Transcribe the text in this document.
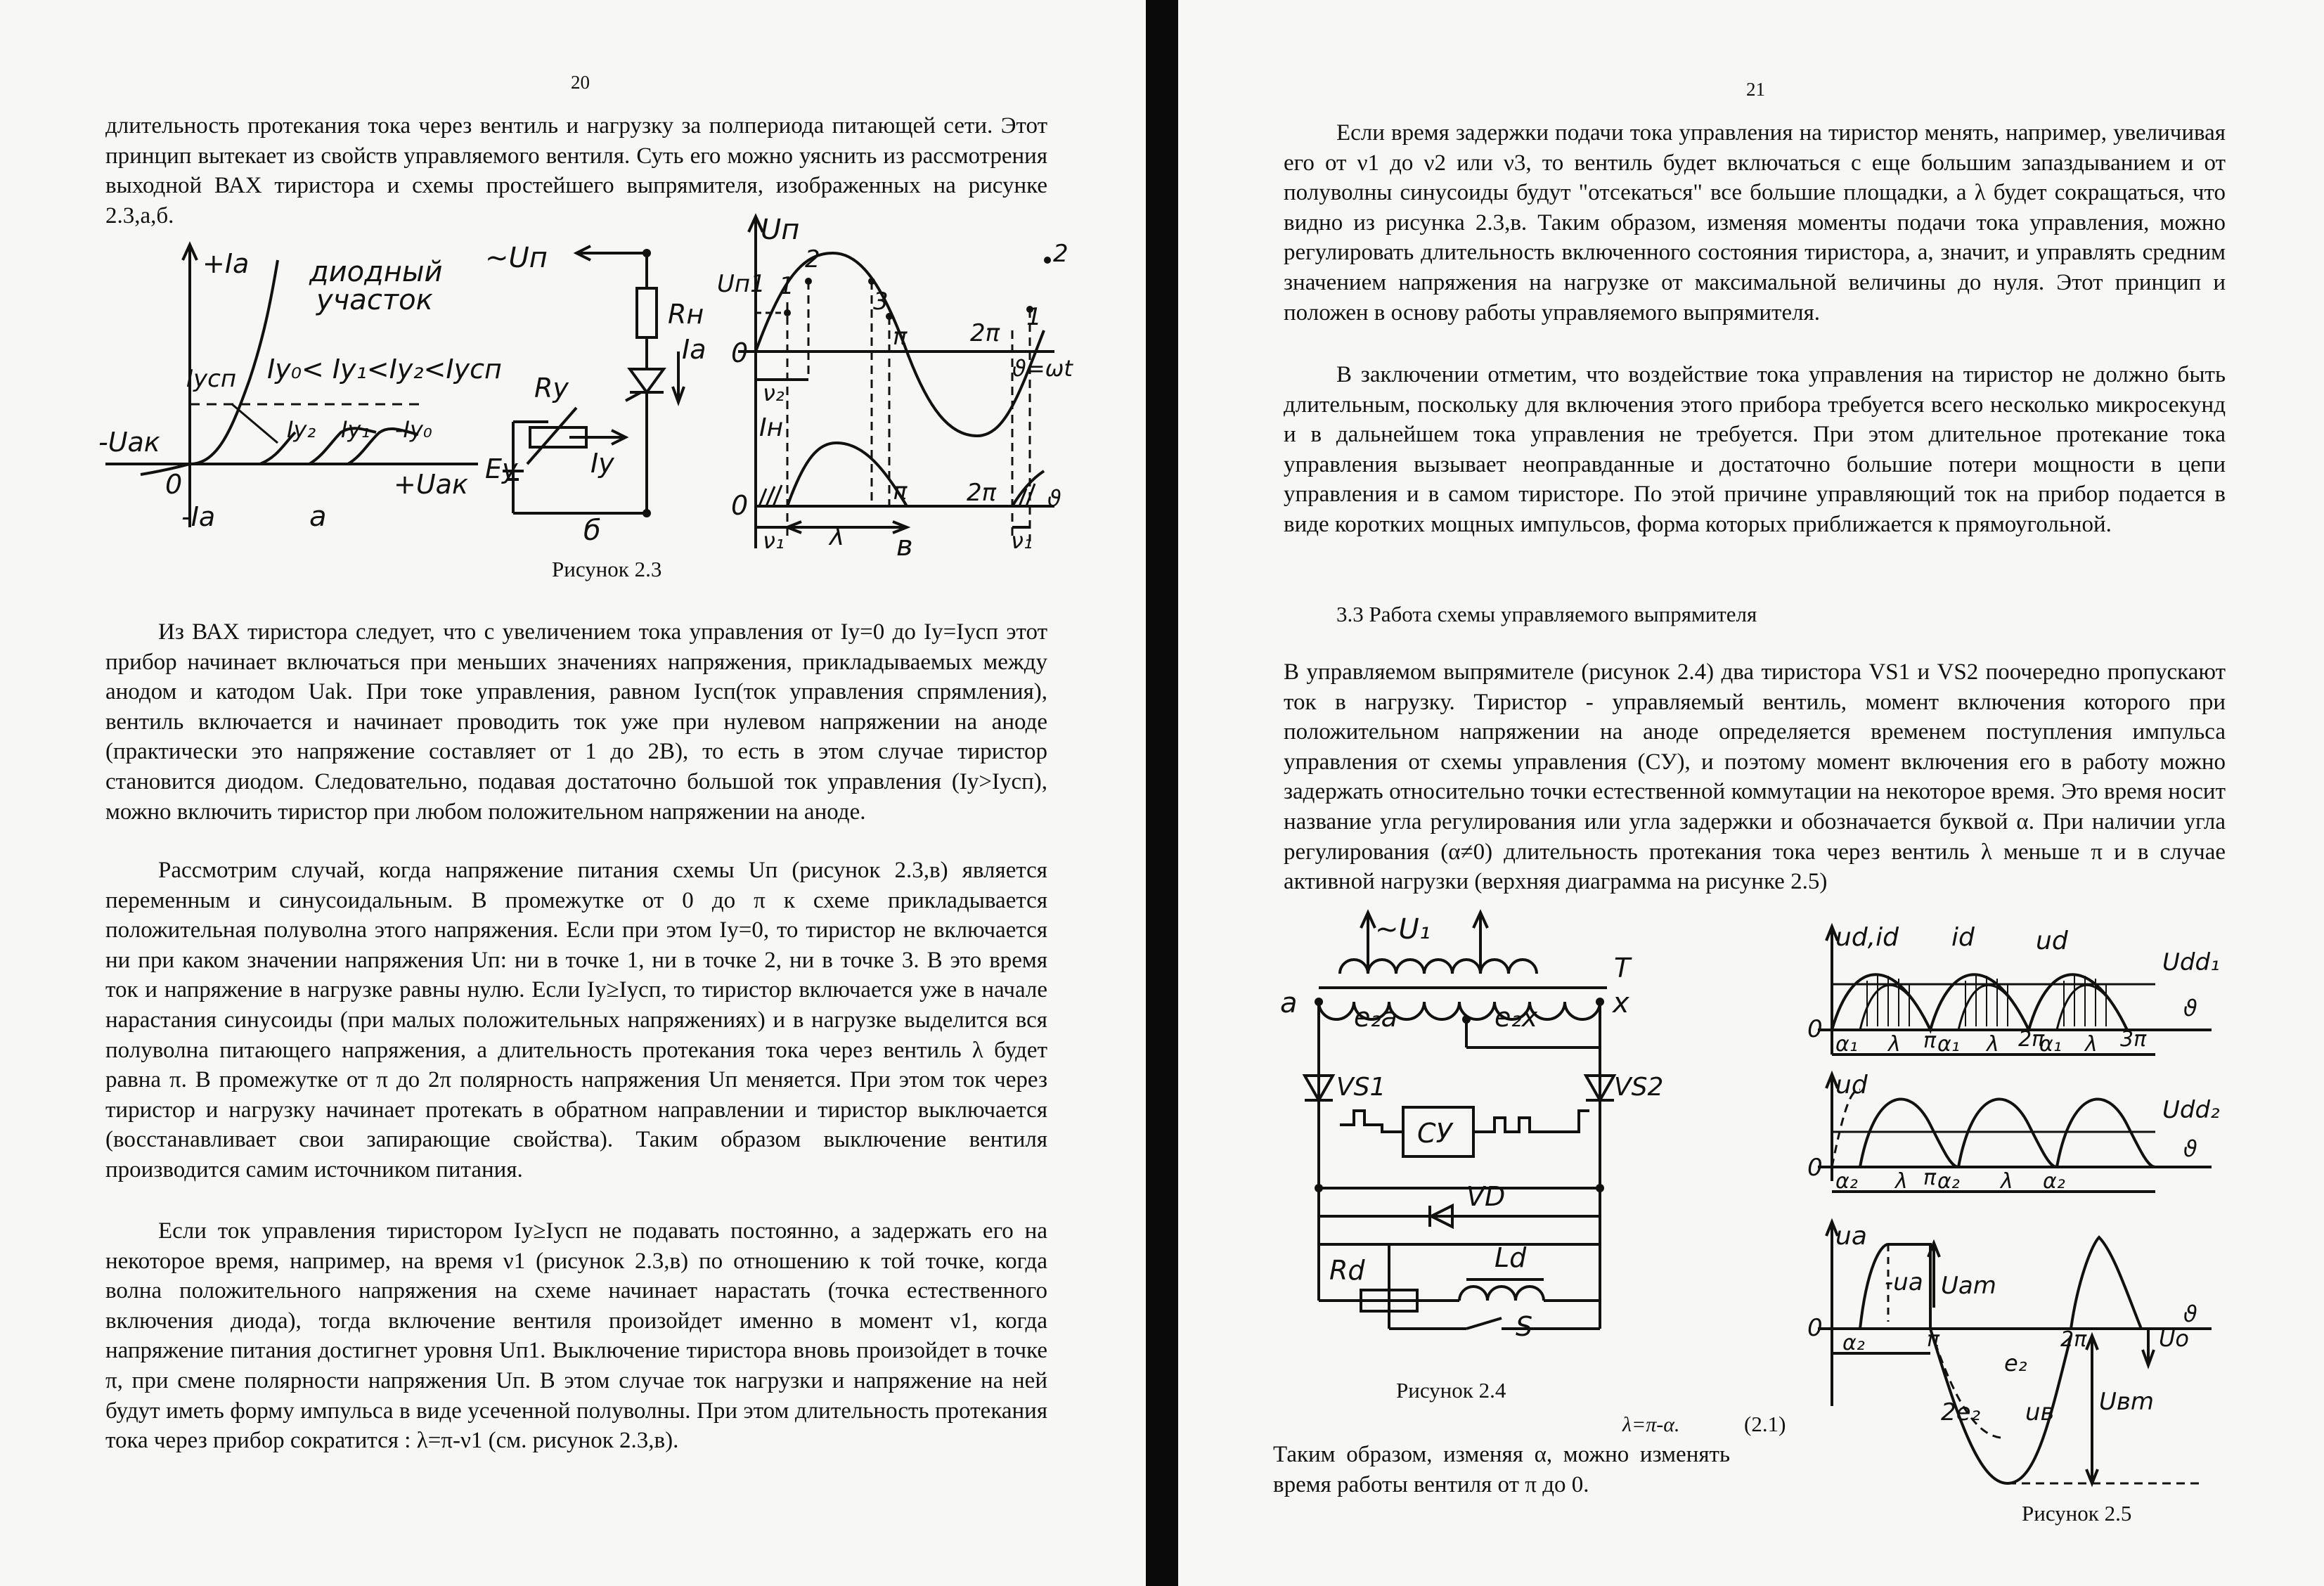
20

длительность протекания тока через вентиль и нагрузку за полпериода питающей сети. Этот принцип вытекает из свойств управляемого вентиля. Суть его можно уяснить из рассмотрения выходной ВАХ тиристора и схемы простейшего выпрямителя, изображенных на рисунке 2.3,а,б.

+Iа диодный
участок
Iусп Iу₀< Iу₁<Iу₂<Iусп
Iу₂ Iу₁ -Iу₀
-Uак
0	+Uак
-Iа	а
~Uп
Rн
Iа
Rу
Eу	Iу
б
Uп
Uп1 1
2
3
0
π	2π
ϑ=ωt
1
2
ν₂
Iн
0	π 2π
ν₁ λ	ν₁
ϑ
в
Рисунок 2.3

Из ВАХ тиристора следует, что с увеличением тока управления от Iy=0 до Iy=Iyсп этот прибор начинает включаться при меньших значениях напряжения, прикладываемых между анодом и катодом Uak. При токе управления, равном Iyсп(ток управления спрямления), вентиль включается и начинает проводить ток уже при нулевом напряжении на аноде (практически это напряжение составляет от 1 до 2В), то есть в этом случае тиристор становится диодом. Следовательно, подавая достаточно большой ток управления (Iy>Iyсп), можно включить тиристор при любом положительном напряжении на аноде.

Рассмотрим случай, когда напряжение питания схемы Uп (рисунок 2.3,в) является переменным и синусоидальным. В промежутке от 0 до π к схеме прикладывается положительная полуволна этого напряжения. Если при этом Iy=0, то тиристор не включается ни при каком значении напряжения Uп: ни в точке 1, ни в точке 2, ни в точке 3. В это время ток и напряжение в нагрузке равны нулю. Если Iy≥Iyсп, то тиристор включается уже в начале нарастания синусоиды (при малых положительных напряжениях) и в нагрузке выделится вся полуволна питающего напряжения, а длительность протекания тока через вентиль λ будет равна π. В промежутке от π до 2π полярность напряжения Uп меняется. При этом ток через тиристор и нагрузку начинает протекать в обратном направлении и тиристор выключается (восстанавливает свои запирающие свойства). Таким образом выключение вентиля производится самим источником питания.

Если ток управления тиристором Iy≥Iyсп не подавать постоянно, а задержать его на некоторое время, например, на время ν1 (рисунок 2.3,в) по отношению к той точке, когда волна положительного напряжения на схеме начинает нарастать (точка естественного включения диода), тогда включение вентиля произойдет именно в момент ν1, когда напряжение питания достигнет уровня Uп1. Выключение тиристора вновь произойдет в точке π, при смене полярности напряжения Uп. В этом случае ток нагрузки и напряжение на ней будут иметь форму импульса в виде усеченной полуволны. При этом длительность протекания тока через прибор сократится : λ=π-ν1 (см. рисунок 2.3,в).

21

Если время задержки подачи тока управления на тиристор менять, например, увеличивая его от ν1 до ν2 или ν3, то вентиль будет включаться с еще большим запаздыванием и от полуволны синусоиды будут "отсекаться" все большие площадки, а λ будет сокращаться, что видно из рисунка 2.3,в. Таким образом, изменяя моменты подачи тока управления, можно регулировать длительность включенного состояния тиристора, а, значит, и управлять средним значением напряжения на нагрузке от максимальной величины до нуля. Этот принцип и положен в основу работы управляемого выпрямителя.

В заключении отметим, что воздействие тока управления на тиристор не должно быть длительным, поскольку для включения этого прибора требуется всего несколько микросекунд и в дальнейшем тока управления не требуется. При этом длительное протекание тока управления вызывает неоправданные и достаточно большие потери мощности в цепи управления и в самом тиристоре. По этой причине управляющий ток на прибор подается в виде коротких мощных импульсов, форма которых приближается к прямоугольной.

3.3 Работа схемы управляемого выпрямителя

В управляемом выпрямителе (рисунок 2.4) два тиристора VS1 и VS2 поочередно пропускают ток в нагрузку. Тиристор - управляемый вентиль, момент включения которого при положительном напряжении на аноде определяется временем поступления импульса управления от схемы управления (СУ), и поэтому момент включения его в работу можно задержать относительно точки естественной коммутации на некоторое время. Это время носит название угла регулирования или угла задержки и обозначается буквой α. При наличии угла регулирования (α≠0) длительность протекания тока через вентиль λ меньше π и в случае активной нагрузки (верхняя диаграмма на рисунке 2.5)

~U₁
T
a	x
e₂а	e₂х
VS1	VS2
СУ
VD
Rd	Ld
S
Рисунок 2.4
λ=π-α.	(2.1)

Таким образом, изменяя α, можно изменять время работы вентиля от π до 0.

ud,id id ud
Udd₁
ϑ
0
α₁ λ π α₁ λ 2π
α₁ λ 3π
ud
Udd₂
ϑ
0 α₂ λ π α₂ λ α₂
ua
-ua Uam
ϑ
0
α₂	π	2π	Uo
e₂
2e₂ uв Uвm
Рисунок 2.5
